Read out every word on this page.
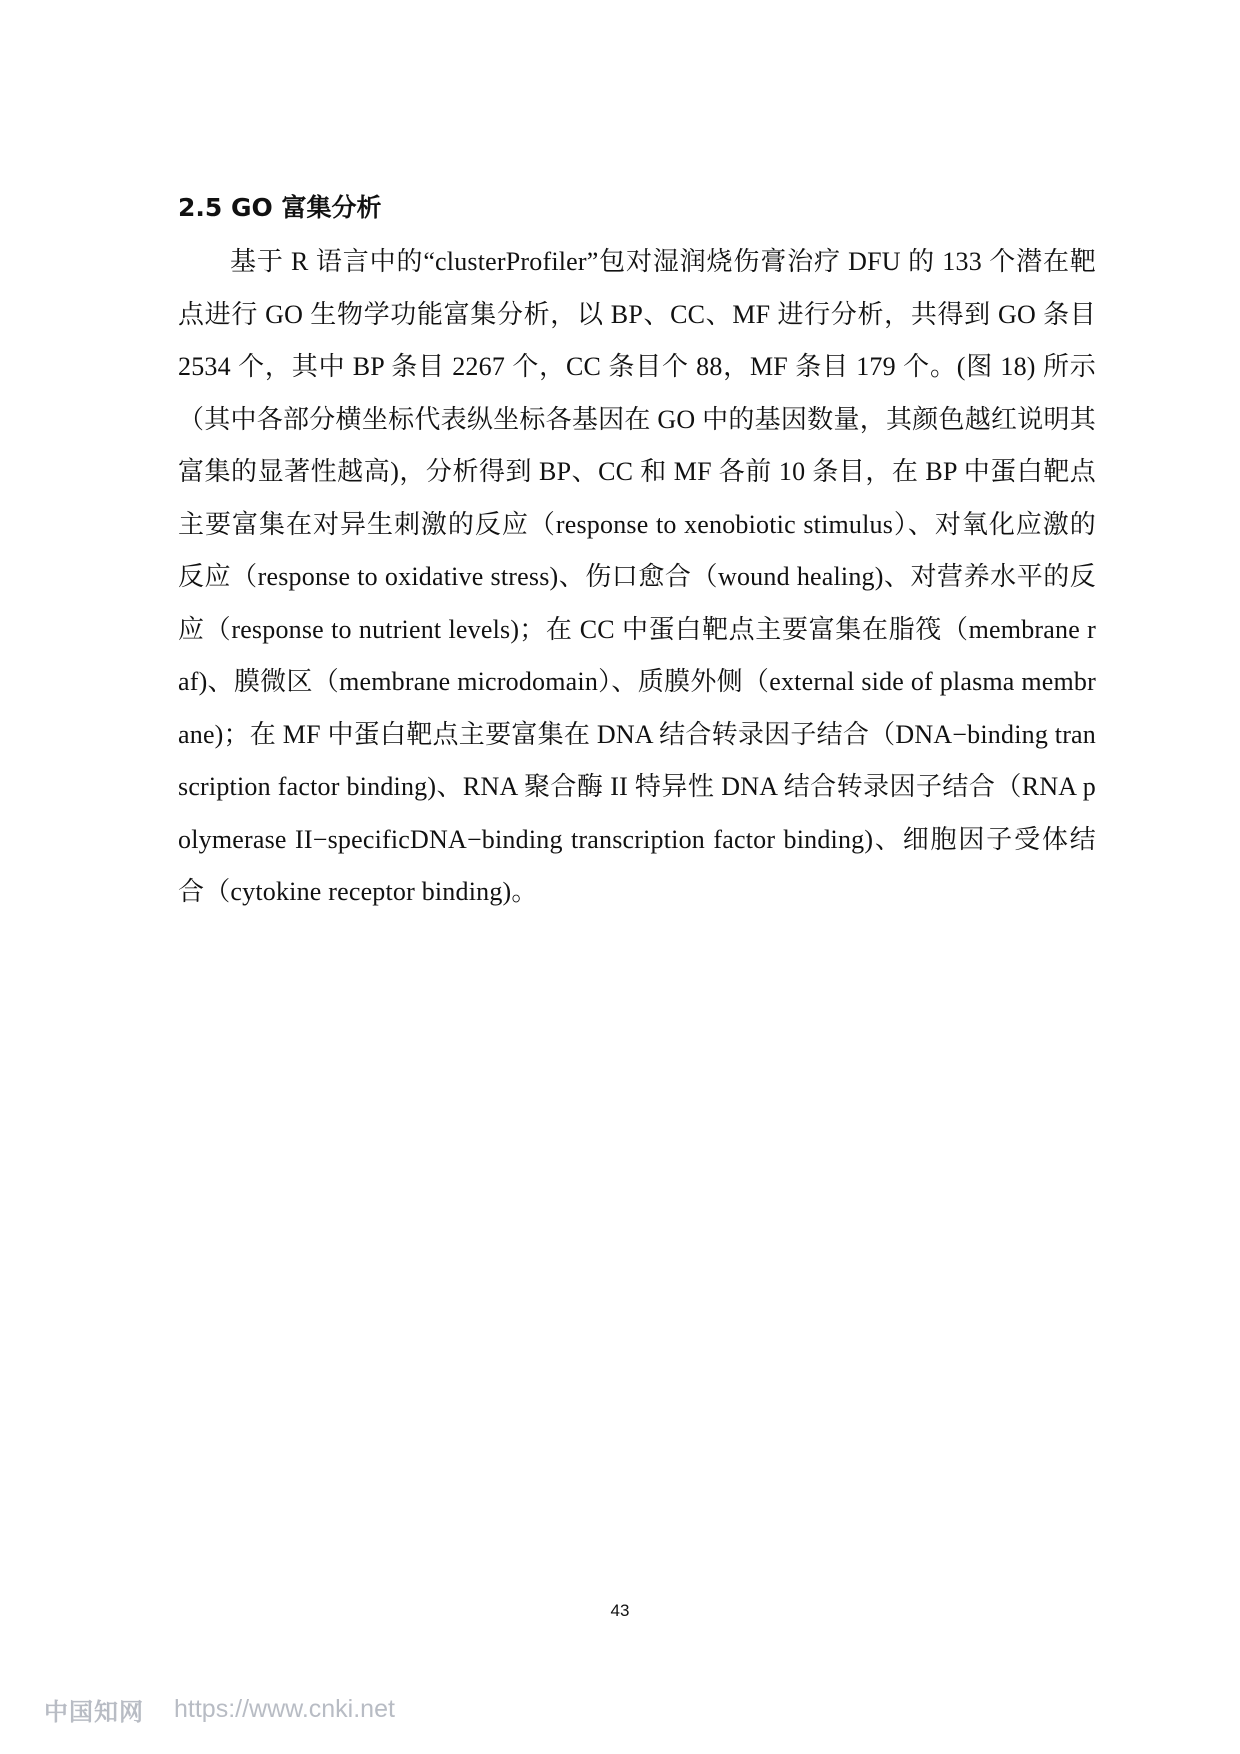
2.5 GO 富集分析

基于 R 语言中的“clusterProfiler”包对湿润烧伤膏治疗 DFU 的 133 个潜在靶点进行 GO 生物学功能富集分析，以 BP、CC、MF 进行分析，共得到 GO 条目 2534 个，其中 BP 条目 2267 个，CC 条目个 88，MF 条目 179 个。(图 18) 所示（其中各部分横坐标代表纵坐标各基因在 GO 中的基因数量，其颜色越红说明其富集的显著性越高)，分析得到 BP、CC 和 MF 各前 10 条目，在 BP 中蛋白靶点主要富集在对异生刺激的反应（response to xenobiotic stimulus）、对氧化应激的反应（response to oxidative stress)、伤口愈合（wound healing)、对营养水平的反应（response to nutrient levels)；在 CC 中蛋白靶点主要富集在脂筏（membrane raf)、膜微区（membrane microdomain）、质膜外侧（external side of plasma membrane)；在 MF 中蛋白靶点主要富集在 DNA 结合转录因子结合（DNA−binding transcription factor binding)、RNA 聚合酶 II 特异性 DNA 结合转录因子结合（RNA polymerase II−specificDNA−binding transcription factor binding)、细胞因子受体结合（cytokine receptor binding)。

43
中国知网 https://www.cnki.net
